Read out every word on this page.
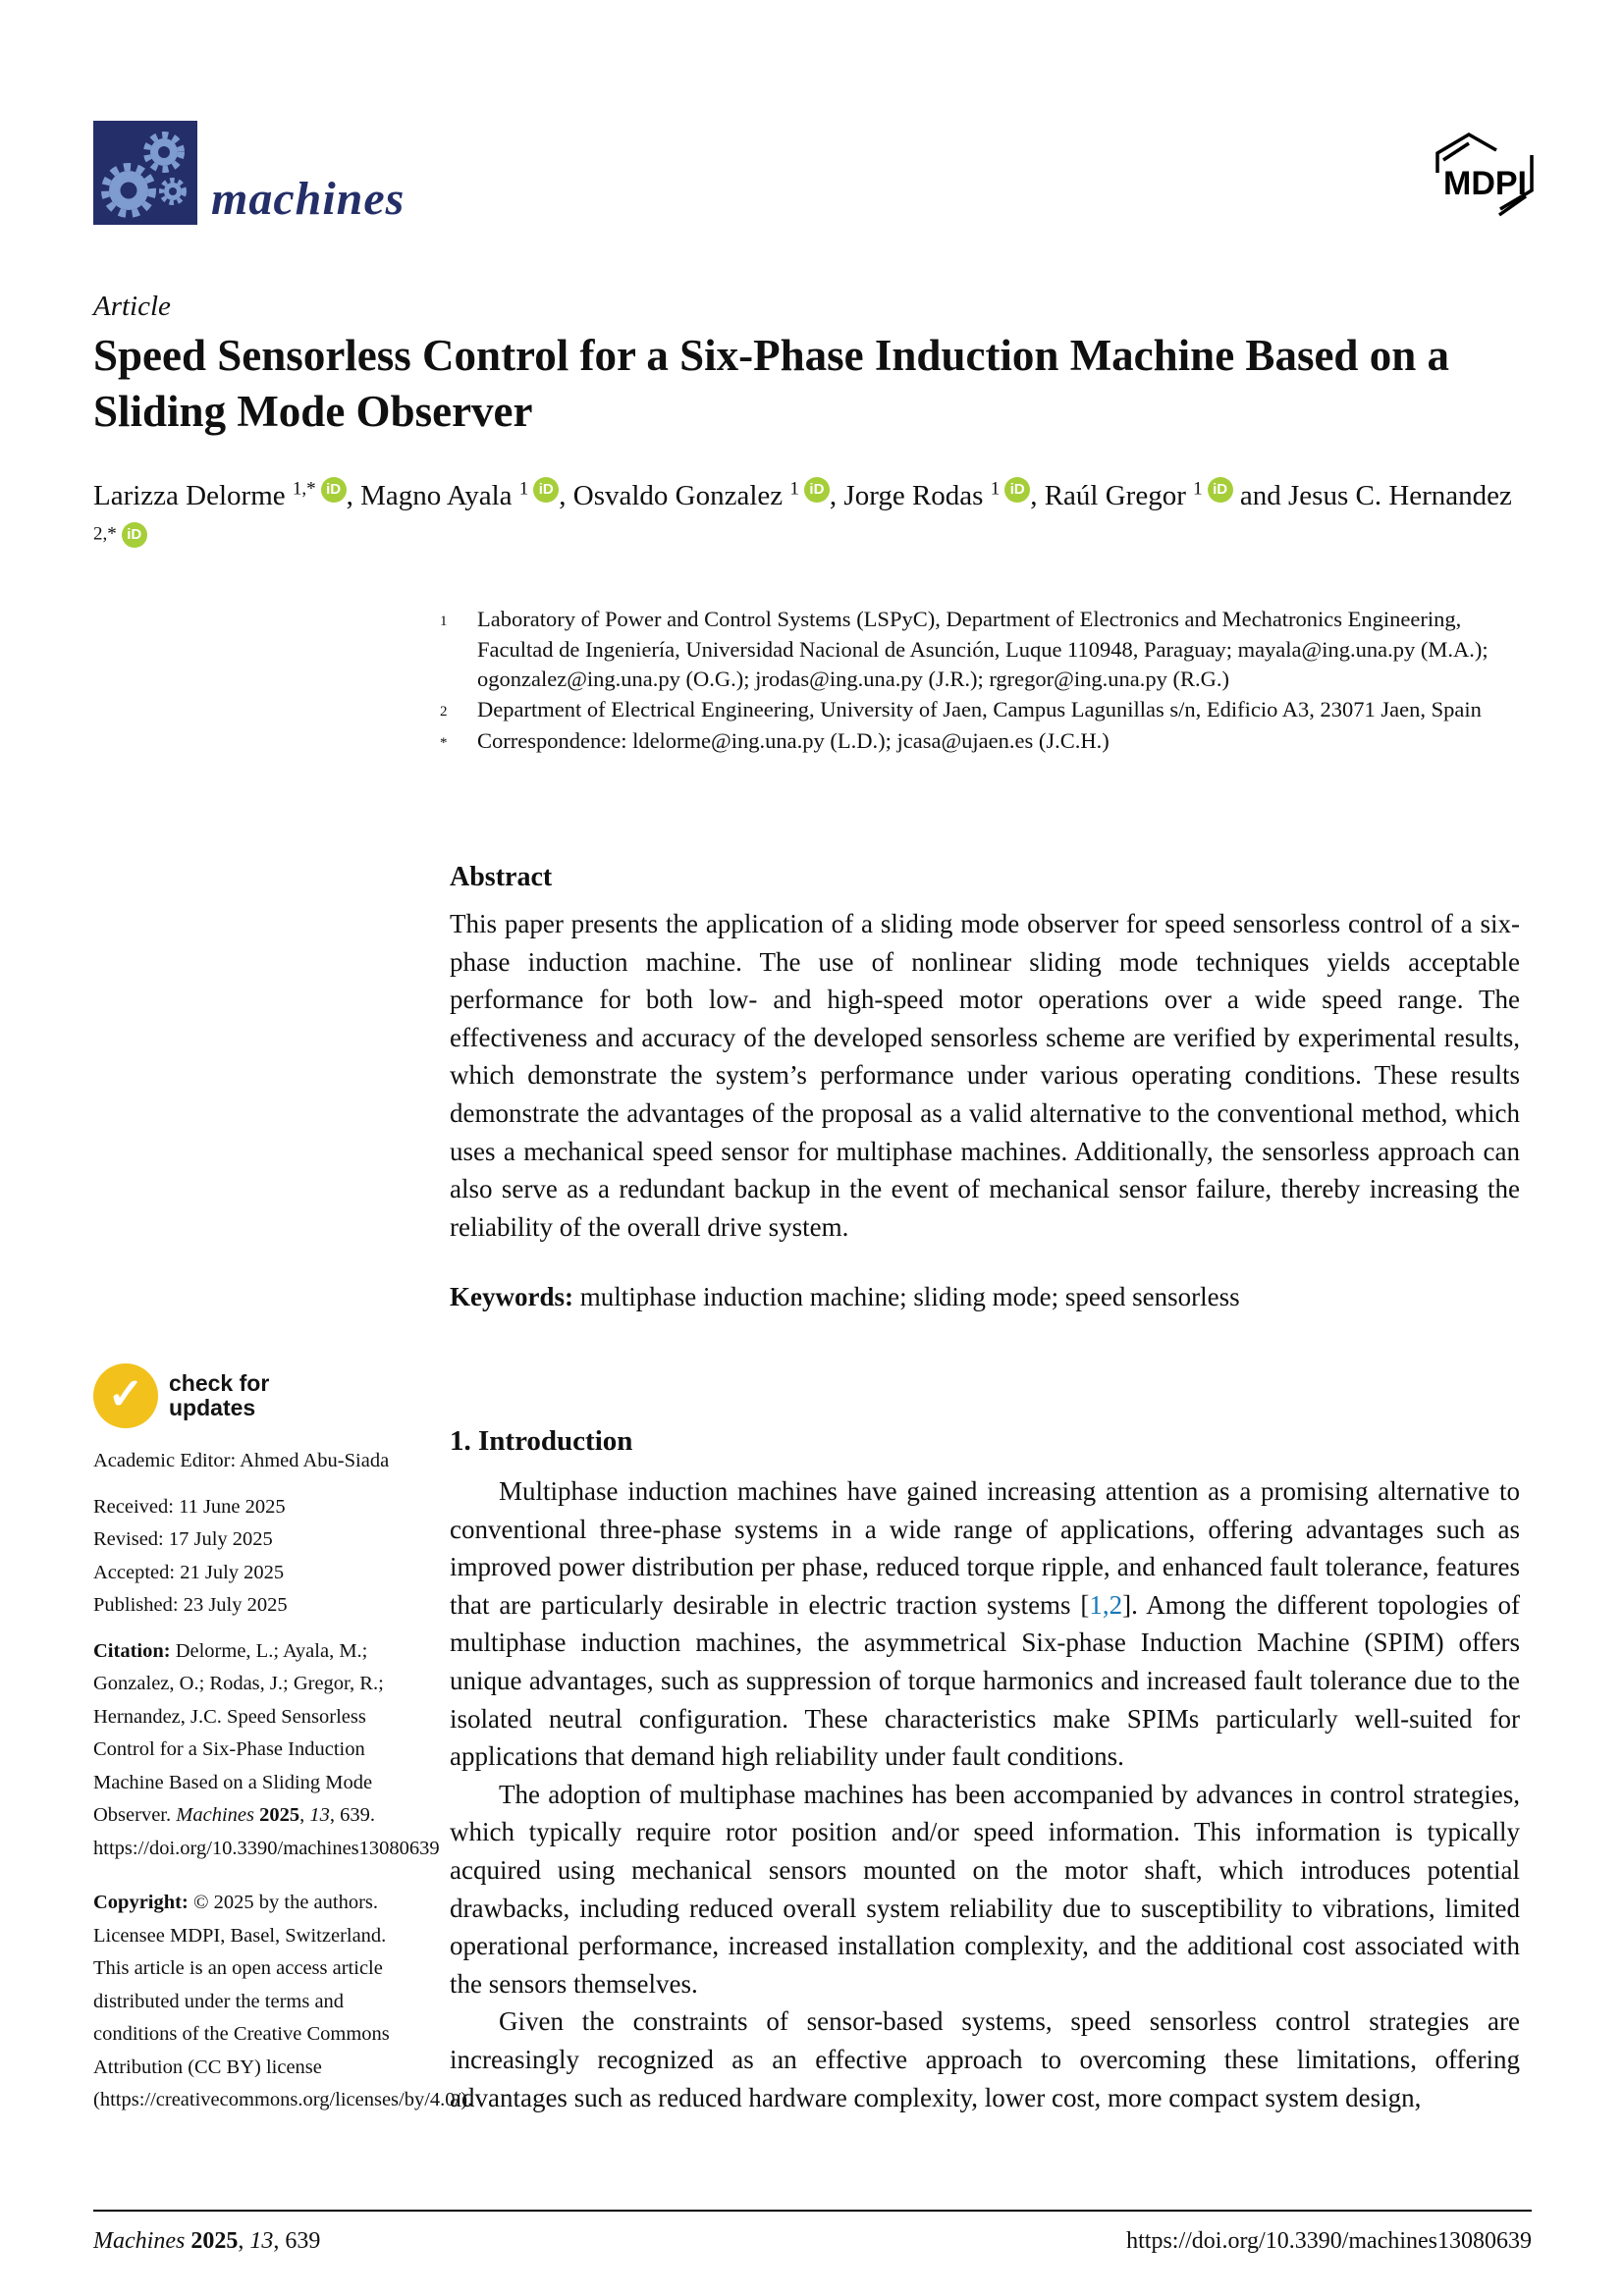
machines	MDPI
Article
Speed Sensorless Control for a Six-Phase Induction Machine Based on a Sliding Mode Observer
Larizza Delorme $^{1,*}$ iD , Magno Ayala $^1$ iD , Osvaldo Gonzalez $^1$ iD , Jorge Rodas $^1$ iD , Raúl Gregor $^1$ iD and Jesus C. Hernandez $^{2,*}$ iD
1	Laboratory of Power and Control Systems (LSPyC), Department of Electronics and Mechatronics Engineering, Facultad de Ingeniería, Universidad Nacional de Asunción, Luque 110948, Paraguay; mayala@ing.una.py (M.A.); ogonzalez@ing.una.py (O.G.); jrodas@ing.una.py (J.R.); rgregor@ing.una.py (R.G.)
2	Department of Electrical Engineering, University of Jaen, Campus Lagunillas s/n, Edificio A3, 23071 Jaen, Spain
*	Correspondence: ldelorme@ing.una.py (L.D.); jcasa@ujaen.es (J.C.H.)
Abstract
This paper presents the application of a sliding mode observer for speed sensorless control of a six-phase induction machine. The use of nonlinear sliding mode techniques yields acceptable performance for both low- and high-speed motor operations over a wide speed range. The effectiveness and accuracy of the developed sensorless scheme are verified by experimental results, which demonstrate the system’s performance under various operating conditions. These results demonstrate the advantages of the proposal as a valid alternative to the conventional method, which uses a mechanical speed sensor for multiphase machines. Additionally, the sensorless approach can also serve as a redundant backup in the event of mechanical sensor failure, thereby increasing the reliability of the overall drive system.
Keywords: multiphase induction machine; sliding mode; speed sensorless
✓	check for
updates
Academic Editor: Ahmed Abu-Siada
Received: 11 June 2025
Revised: 17 July 2025
Accepted: 21 July 2025
Published: 23 July 2025
Citation: Delorme, L.; Ayala, M.; Gonzalez, O.; Rodas, J.; Gregor, R.; Hernandez, J.C. Speed Sensorless Control for a Six-Phase Induction Machine Based on a Sliding Mode Observer. Machines 2025, 13, 639. https://doi.org/10.3390/machines13080639
Copyright: © 2025 by the authors. Licensee MDPI, Basel, Switzerland. This article is an open access article distributed under the terms and conditions of the Creative Commons Attribution (CC BY) license (https://creativecommons.org/licenses/by/4.0/).
1. Introduction

Multiphase induction machines have gained increasing attention as a promising alternative to conventional three-phase systems in a wide range of applications, offering advantages such as improved power distribution per phase, reduced torque ripple, and enhanced fault tolerance, features that are particularly desirable in electric traction systems [1,2]. Among the different topologies of multiphase induction machines, the asymmetrical Six-phase Induction Machine (SPIM) offers unique advantages, such as suppression of torque harmonics and increased fault tolerance due to the isolated neutral configuration. These characteristics make SPIMs particularly well-suited for applications that demand high reliability under fault conditions.

The adoption of multiphase machines has been accompanied by advances in control strategies, which typically require rotor position and/or speed information. This information is typically acquired using mechanical sensors mounted on the motor shaft, which introduces potential drawbacks, including reduced overall system reliability due to susceptibility to vibrations, limited operational performance, increased installation complexity, and the additional cost associated with the sensors themselves.

Given the constraints of sensor-based systems, speed sensorless control strategies are increasingly recognized as an effective approach to overcoming these limitations, offering advantages such as reduced hardware complexity, lower cost, more compact system design,

Machines 2025, 13, 639	https://doi.org/10.3390/machines13080639
